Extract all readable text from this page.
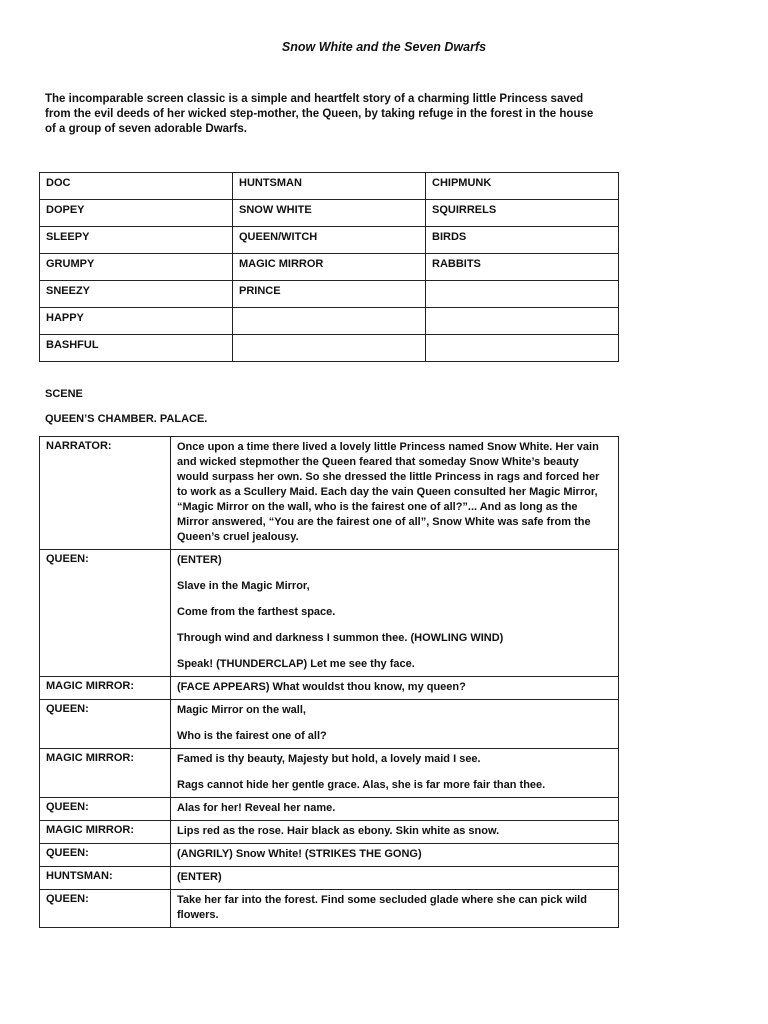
Snow White and the Seven Dwarfs
The incomparable screen classic is a simple and heartfelt story of a charming little Princess saved from the evil deeds of her wicked step-mother, the Queen, by taking refuge in the forest in the house of a group of seven adorable Dwarfs.
DOC	HUNTSMAN	CHIPMUNK
DOPEY	SNOW WHITE	SQUIRRELS
SLEEPY	QUEEN/WITCH	BIRDS
GRUMPY	MAGIC MIRROR	RABBITS
SNEEZY	PRINCE	
HAPPY		
BASHFUL		
SCENE
QUEEN’S CHAMBER. PALACE.
NARRATOR:	Once upon a time there lived a lovely little Princess named Snow White. Her vain and wicked stepmother the Queen feared that someday Snow White’s beauty would surpass her own. So she dressed the little Princess in rags and forced her to work as a Scullery Maid. Each day the vain Queen consulted her Magic Mirror, “Magic Mirror on the wall, who is the fairest one of all?”... And as long as the Mirror answered, “You are the fairest one of all”, Snow White was safe from the Queen’s cruel jealousy.

QUEEN:	(ENTER)
Slave in the Magic Mirror,
Come from the farthest space.
Through wind and darkness I summon thee. (HOWLING WIND)
Speak! (THUNDERCLAP) Let me see thy face.

MAGIC MIRROR:	(FACE APPEARS) What wouldst thou know, my queen?

QUEEN:	Magic Mirror on the wall,
Who is the fairest one of all?

MAGIC MIRROR:	Famed is thy beauty, Majesty but hold, a lovely maid I see.
Rags cannot hide her gentle grace. Alas, she is far more fair than thee.

QUEEN:	Alas for her! Reveal her name.

MAGIC MIRROR:	Lips red as the rose. Hair black as ebony. Skin white as snow.

QUEEN:	(ANGRILY) Snow White! (STRIKES THE GONG)

HUNTSMAN:	(ENTER)

QUEEN:	Take her far into the forest. Find some secluded glade where she can pick wild flowers.
